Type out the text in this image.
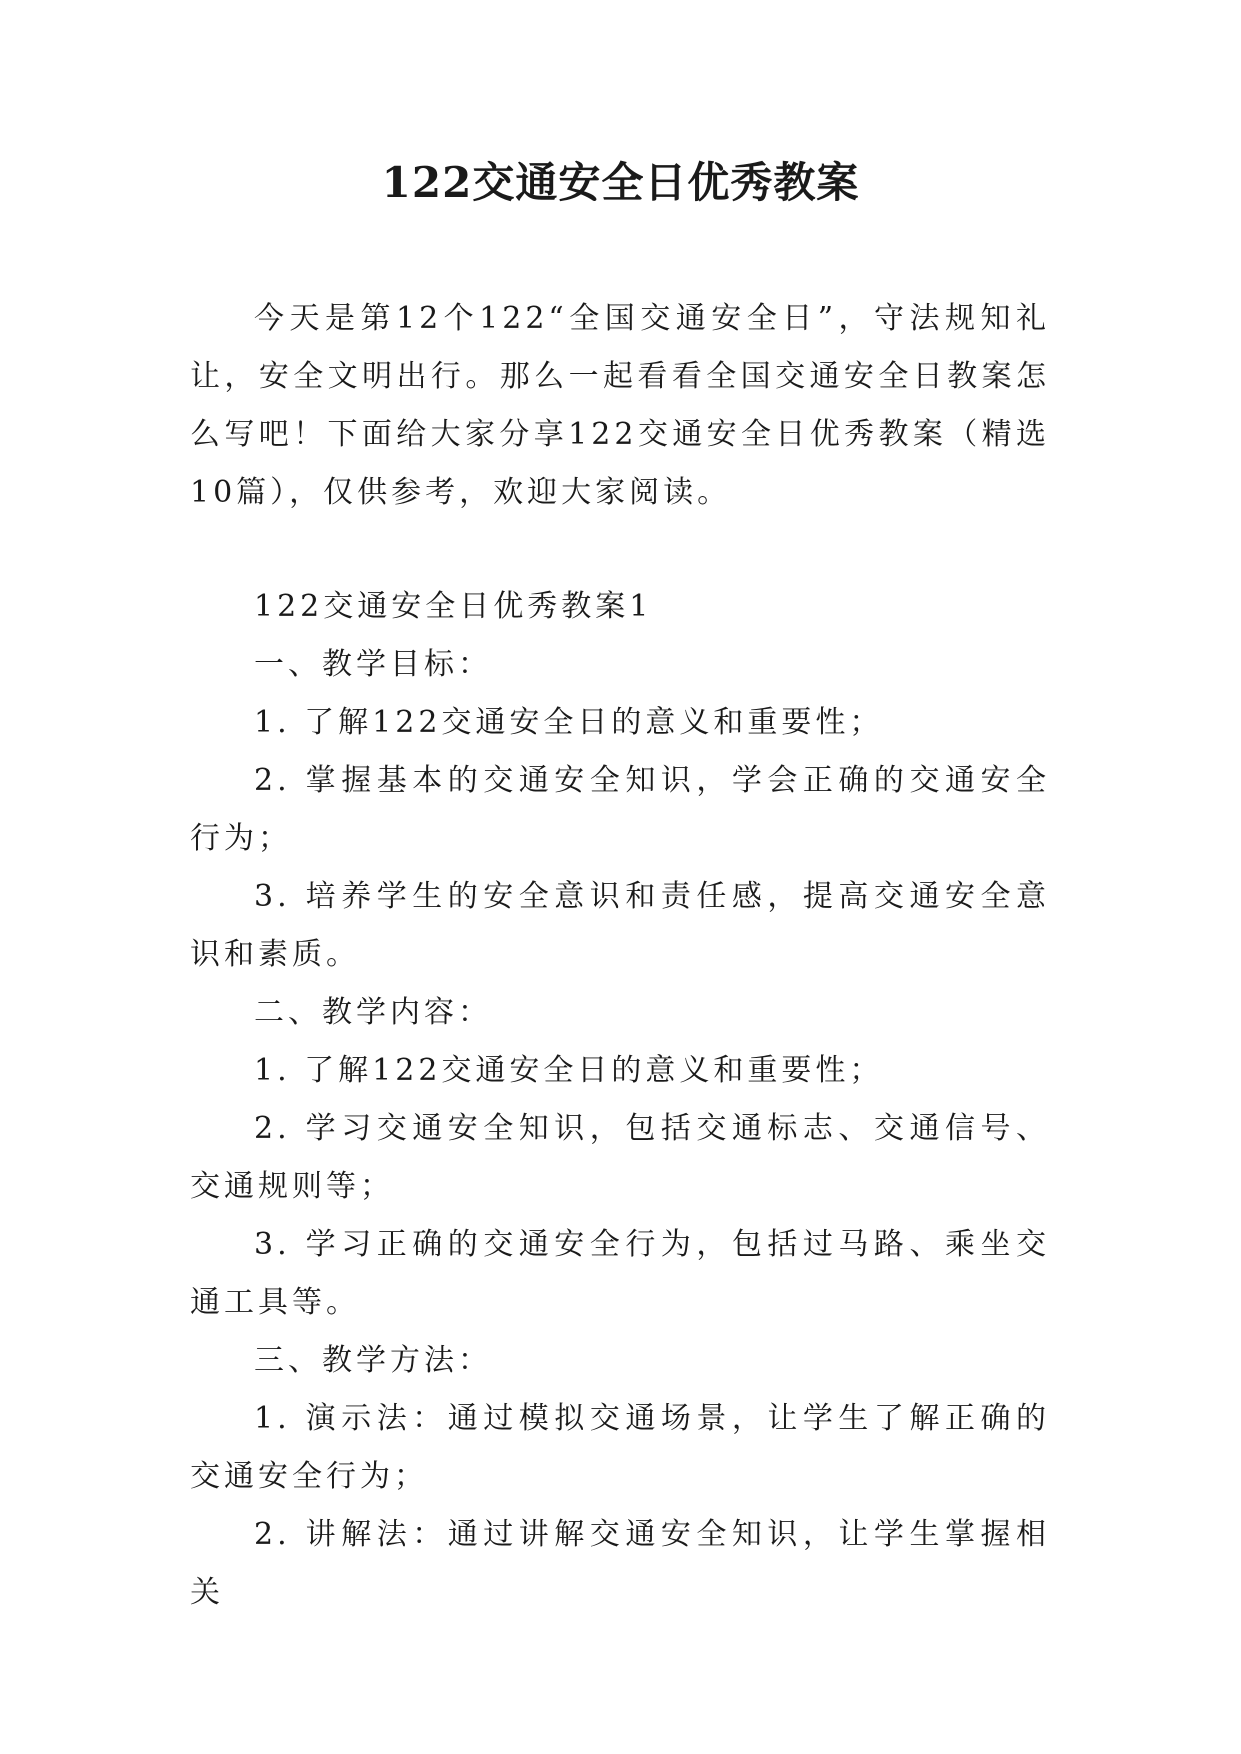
122交通安全日优秀教案

今天是第12个122“全国交通安全日”，守法规知礼让，安全文明出行。那么一起看看全国交通安全日教案怎么写吧！下面给大家分享122交通安全日优秀教案（精选10篇），仅供参考，欢迎大家阅读。

122交通安全日优秀教案1

一、教学目标：

1. 了解122交通安全日的意义和重要性；

2. 掌握基本的交通安全知识，学会正确的交通安全行为；

3. 培养学生的安全意识和责任感，提高交通安全意识和素质。

二、教学内容：

1. 了解122交通安全日的意义和重要性；

2. 学习交通安全知识，包括交通标志、交通信号、交通规则等；

3. 学习正确的交通安全行为，包括过马路、乘坐交通工具等。

三、教学方法：

1. 演示法：通过模拟交通场景，让学生了解正确的交通安全行为；

2. 讲解法：通过讲解交通安全知识，让学生掌握相关
